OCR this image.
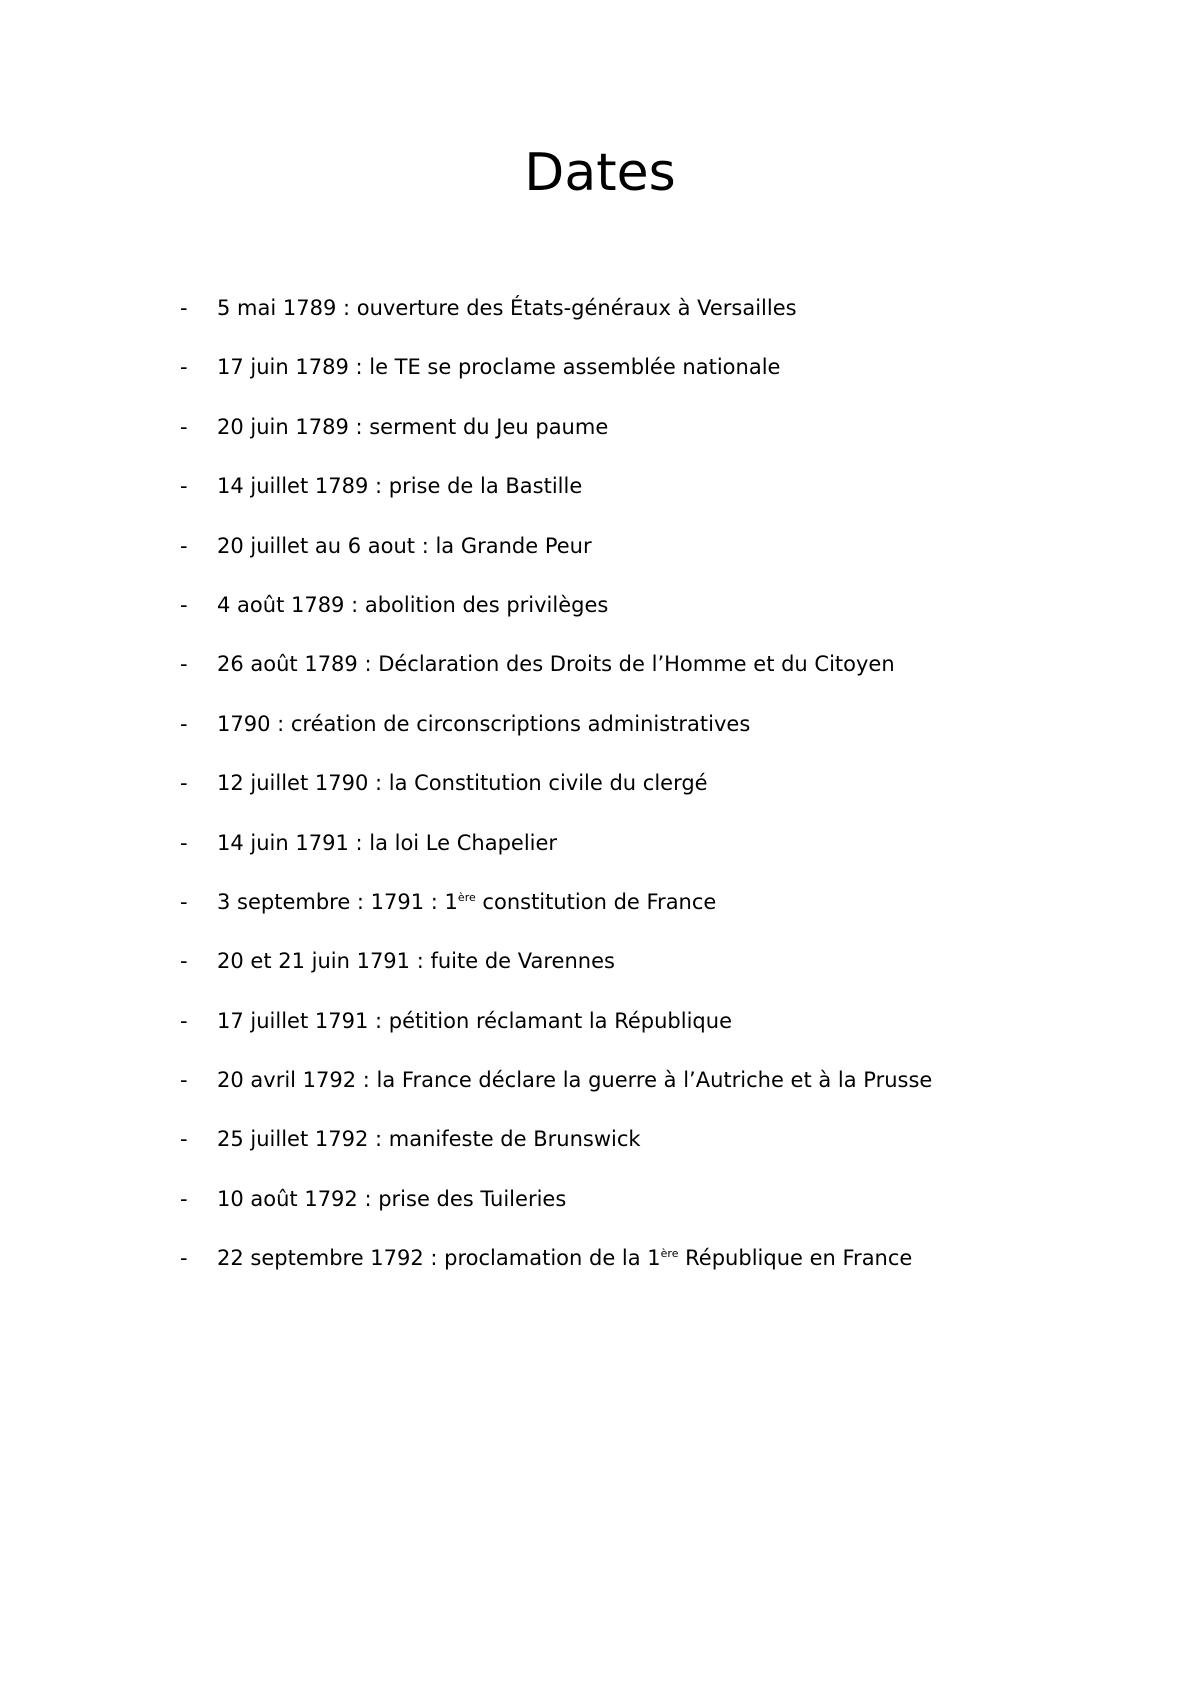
Dates
- 5 mai 1789 : ouverture des États-généraux à Versailles
- 17 juin 1789 : le TE se proclame assemblée nationale
- 20 juin 1789 : serment du Jeu paume
- 14 juillet 1789 : prise de la Bastille
- 20 juillet au 6 aout : la Grande Peur
- 4 août 1789 : abolition des privilèges
- 26 août 1789 : Déclaration des Droits de l’Homme et du Citoyen
- 1790 : création de circonscriptions administratives
- 12 juillet 1790 : la Constitution civile du clergé
- 14 juin 1791 : la loi Le Chapelier
- 3 septembre : 1791 : 1ère constitution de France
- 20 et 21 juin 1791 : fuite de Varennes
- 17 juillet 1791 : pétition réclamant la République
- 20 avril 1792 : la France déclare la guerre à l’Autriche et à la Prusse
- 25 juillet 1792 : manifeste de Brunswick
- 10 août 1792 : prise des Tuileries
- 22 septembre 1792 : proclamation de la 1ère République en France
